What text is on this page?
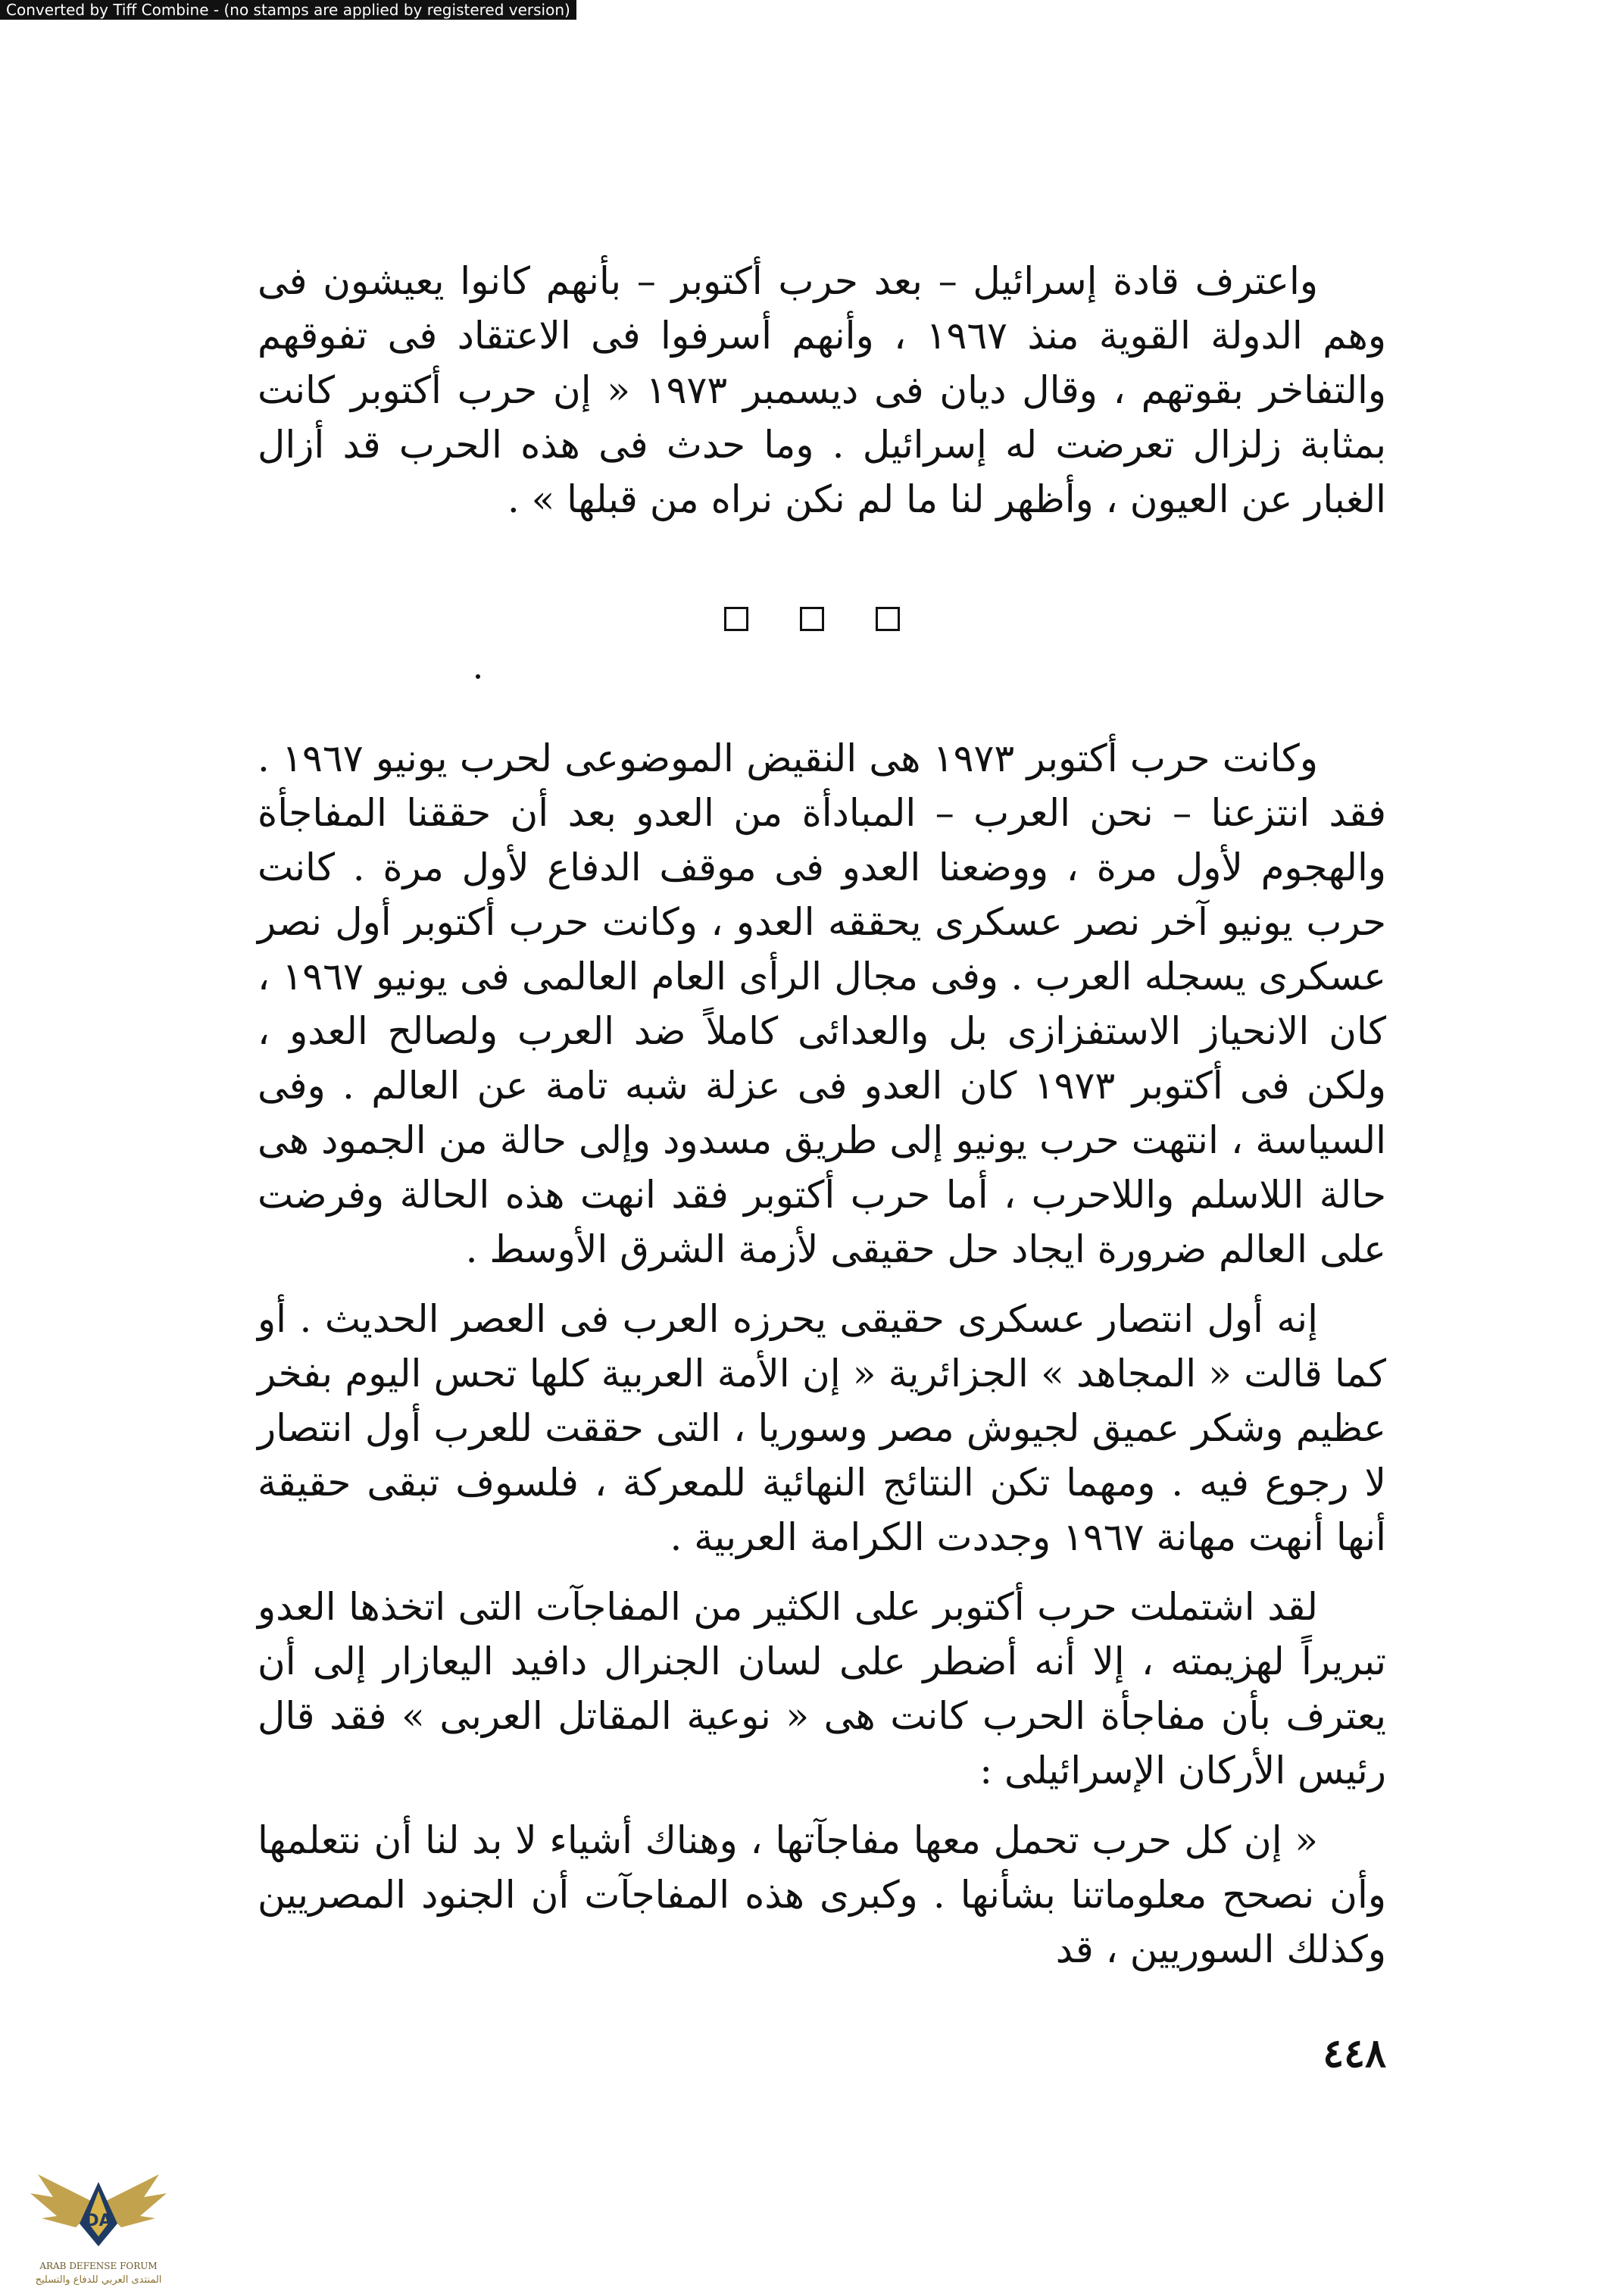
Converted by Tiff Combine - (no stamps are applied by registered version)

واعترف قادة إسرائيل – بعد حرب أكتوبر – بأنهم كانوا يعيشون فى وهم الدولة القوية منذ ١٩٦٧ ، وأنهم أسرفوا فى الاعتقاد فى تفوقهم والتفاخر بقوتهم ، وقال ديان فى ديسمبر ١٩٧٣ « إن حرب أكتوبر كانت بمثابة زلزال تعرضت له إسرائيل . وما حدث فى هذه الحرب قد أزال الغبار عن العيون ، وأظهر لنا ما لم نكن نراه من قبلها » .

وكانت حرب أكتوبر ١٩٧٣ هى النقيض الموضوعى لحرب يونيو ١٩٦٧ . فقد انتزعنا – نحن العرب – المبادأة من العدو بعد أن حققنا المفاجأة والهجوم لأول مرة ، ووضعنا العدو فى موقف الدفاع لأول مرة . كانت حرب يونيو آخر نصر عسكرى يحققه العدو ، وكانت حرب أكتوبر أول نصر عسكرى يسجله العرب . وفى مجال الرأى العام العالمى فى يونيو ١٩٦٧ ، كان الانحياز الاستفزازى بل والعدائى كاملاً ضد العرب ولصالح العدو ، ولكن فى أكتوبر ١٩٧٣ كان العدو فى عزلة شبه تامة عن العالم . وفى السياسة ، انتهت حرب يونيو إلى طريق مسدود وإلى حالة من الجمود هى حالة اللاسلم واللاحرب ، أما حرب أكتوبر فقد انهت هذه الحالة وفرضت على العالم ضرورة ايجاد حل حقيقى لأزمة الشرق الأوسط .

إنه أول انتصار عسكرى حقيقى يحرزه العرب فى العصر الحديث . أو كما قالت « المجاهد » الجزائرية « إن الأمة العربية كلها تحس اليوم بفخر عظيم وشكر عميق لجيوش مصر وسوريا ، التى حققت للعرب أول انتصار لا رجوع فيه . ومهما تكن النتائج النهائية للمعركة ، فلسوف تبقى حقيقة أنها أنهت مهانة ١٩٦٧ وجددت الكرامة العربية .

لقد اشتملت حرب أكتوبر على الكثير من المفاجآت التى اتخذها العدو تبريراً لهزيمته ، إلا أنه أضطر على لسان الجنرال دافيد اليعازار إلى أن يعترف بأن مفاجأة الحرب كانت هى « نوعية المقاتل العربى » فقد قال رئيس الأركان الإسرائيلى :

« إن كل حرب تحمل معها مفاجآتها ، وهناك أشياء لا بد لنا أن نتعلمها وأن نصحح معلوماتنا بشأنها . وكبرى هذه المفاجآت أن الجنود المصريين وكذلك السوريين ، قد

٤٤٨
DA
ARAB DEFENSE FORUM
المنتدى العربي للدفاع والتسليح
